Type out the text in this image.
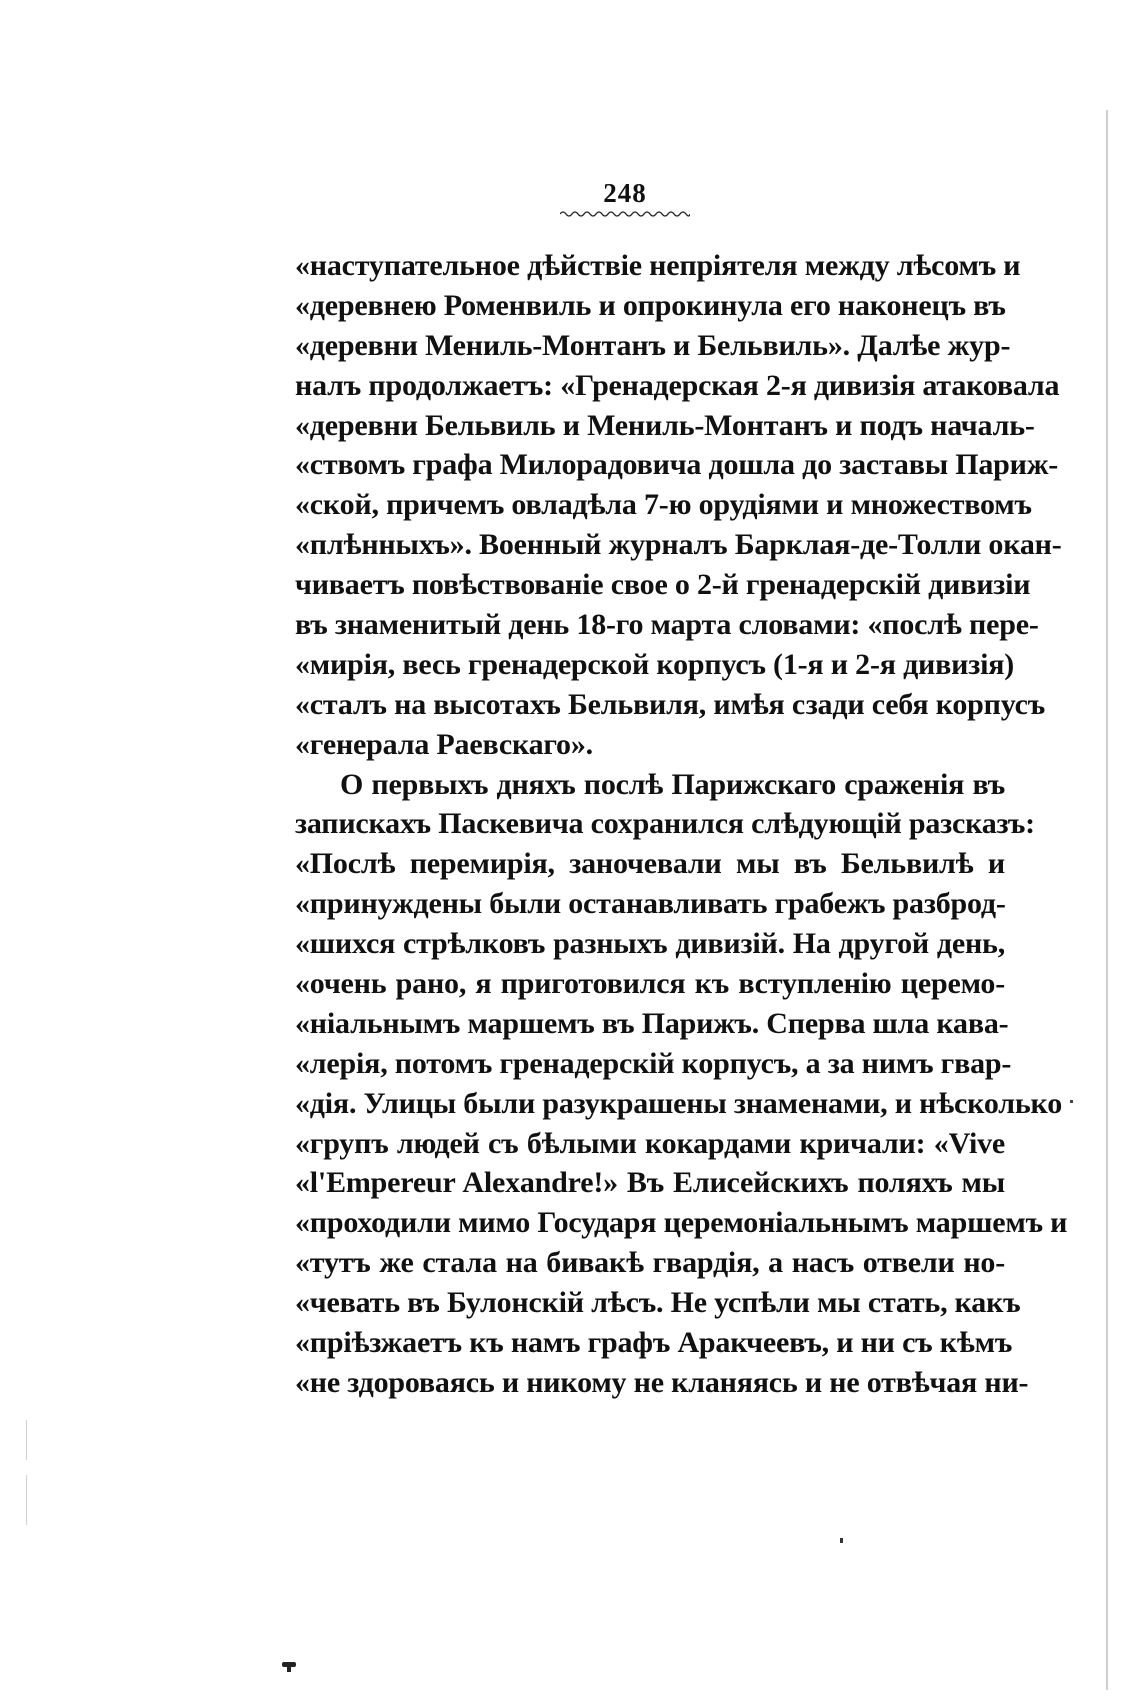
248
«наступательное дѣйствiе непрiятеля между лѣсомъ и
«деревнею Роменвиль и опрокинула его наконецъ въ
«деревни Мениль-Монтанъ и Бельвиль». Далѣе жур-
налъ продолжаетъ: «Гренадерская 2-я дивизiя атаковала
«деревни Бельвиль и Мениль-Монтанъ и подъ началь-
«ствомъ графа Милорадовича дошла до заставы Париж-
«ской, причемъ овладѣла 7-ю орудiями и множествомъ
«плѣнныхъ». Военный журналъ Барклая-де-Толли окан-
чиваетъ повѣствованiе свое о 2-й гренадерскiй дивизiи
въ знаменитый день 18-го марта словами: «послѣ пере-
«мирiя, весь гренадерской корпусъ (1-я и 2-я дивизiя)
«сталъ на высотахъ Бельвиля, имѣя сзади себя корпусъ
«генерала Раевскаго».
О первыхъ дняхъ послѣ Парижскаго сраженiя въ
запискахъ Паскевича сохранился слѣдующiй разсказъ:
«Послѣ перемирiя, заночевали мы въ Бельвилѣ и
«принуждены были останавливать грабежъ разброд-
«шихся стрѣлковъ разныхъ дивизiй. На другой день,
«очень рано, я приготовился къ вступленiю церемо-
«нiальнымъ маршемъ въ Парижъ. Сперва шла кава-
«лерiя, потомъ гренадерскiй корпусъ, а за нимъ гвар-
«дiя. Улицы были разукрашены знаменами, и нѣсколько
«групъ людей съ бѣлыми кокардами кричали: «Vive
«l'Empereur Alexandre!» Въ Елисейскихъ поляхъ мы
«проходили мимо Государя церемонiальнымъ маршемъ и
«тутъ же стала на бивакѣ гвардiя, а насъ отвели но-
«чевать въ Булонскiй лѣсъ. Не успѣли мы стать, какъ
«прiѣзжаетъ къ намъ графъ Аракчеевъ, и ни съ кѣмъ
«не здороваясь и никому не кланяясь и не отвѣчая ни-
